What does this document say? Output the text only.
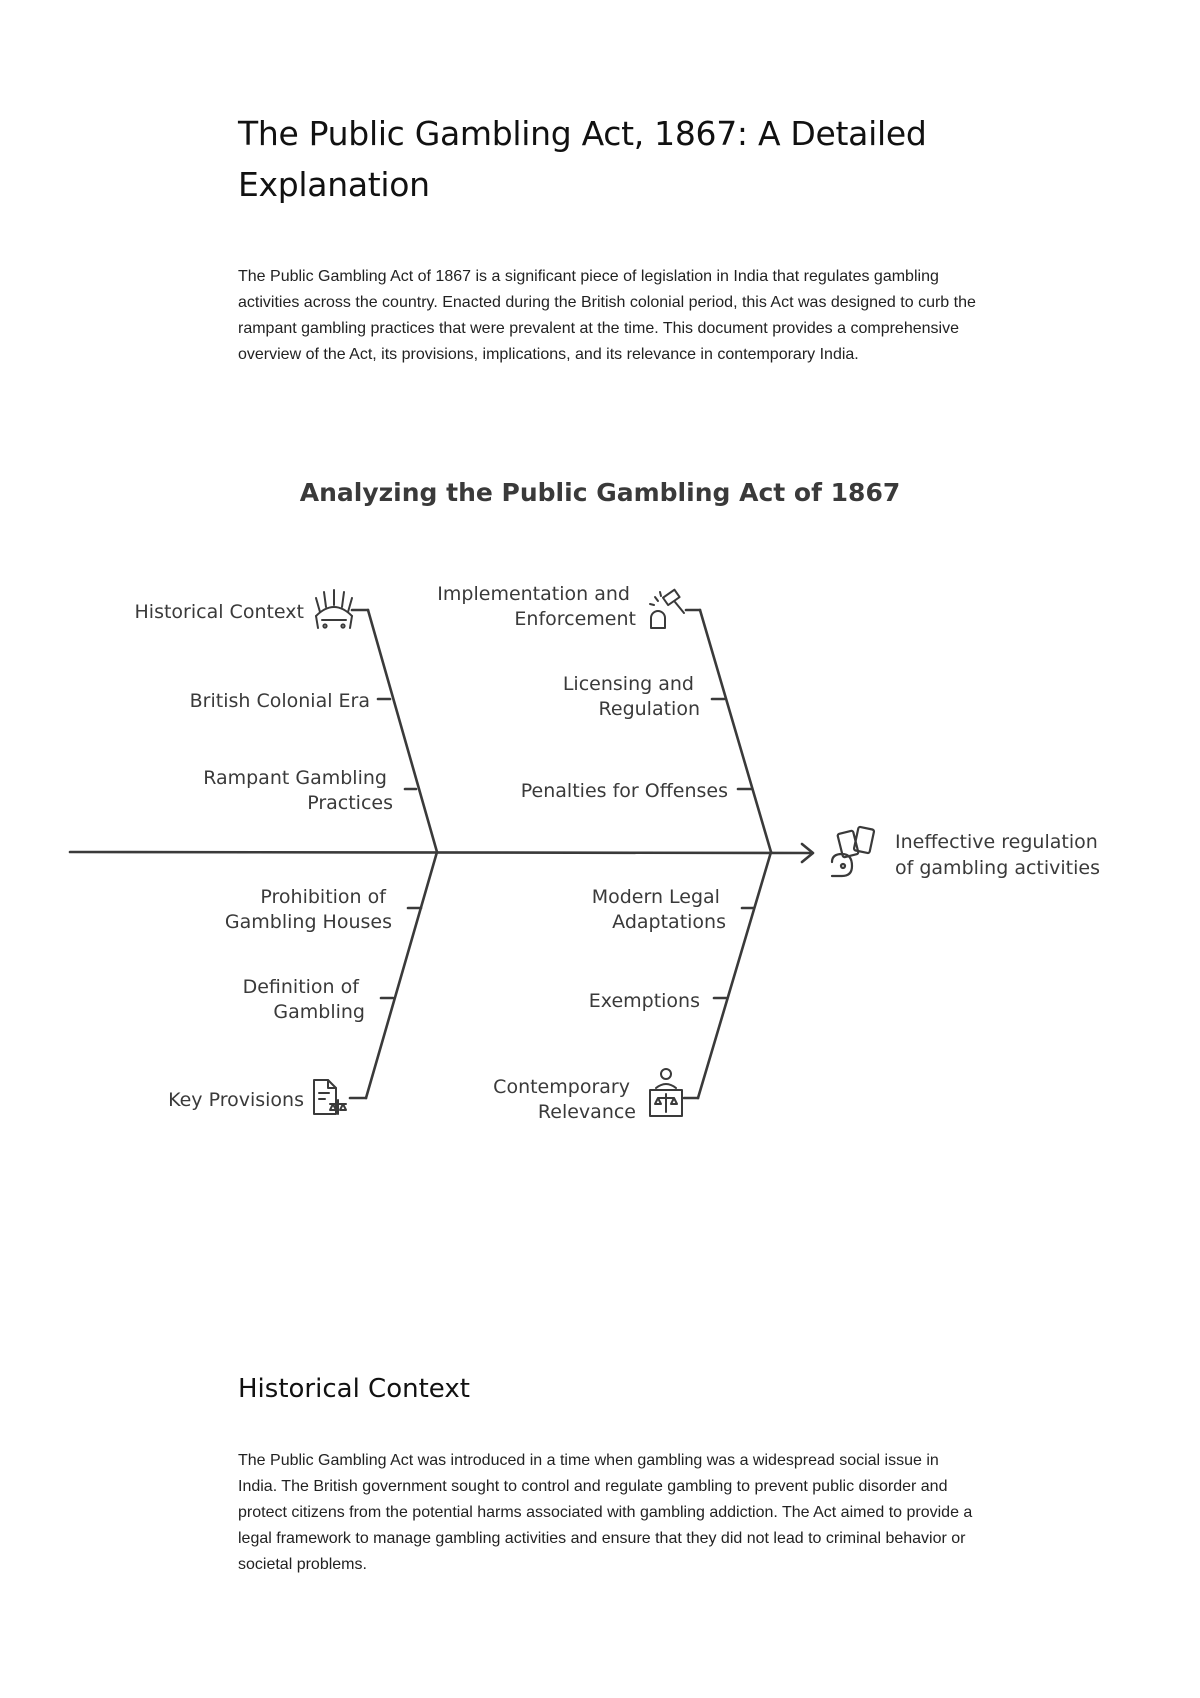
The Public Gambling Act, 1867: A Detailed Explanation

The Public Gambling Act of 1867 is a significant piece of legislation in India that regulates gambling activities across the country. Enacted during the British colonial period, this Act was designed to curb the rampant gambling practices that were prevalent at the time. This document provides a comprehensive overview of the Act, its provisions, implications, and its relevance in contemporary India.

Analyzing the Public Gambling Act of 1867
Historical Context
Implementation and Enforcement
Key Provisions
Contemporary Relevance
British Colonial Era
Rampant Gambling Practices
Licensing and Regulation
Penalties for Offenses
Prohibition of Gambling Houses
Definition of Gambling
Modern Legal Adaptations
Exemptions
Ineffective regulation of gambling activities
Historical Context

The Public Gambling Act was introduced in a time when gambling was a widespread social issue in India. The British government sought to control and regulate gambling to prevent public disorder and protect citizens from the potential harms associated with gambling addiction. The Act aimed to provide a legal framework to manage gambling activities and ensure that they did not lead to criminal behavior or societal problems.
